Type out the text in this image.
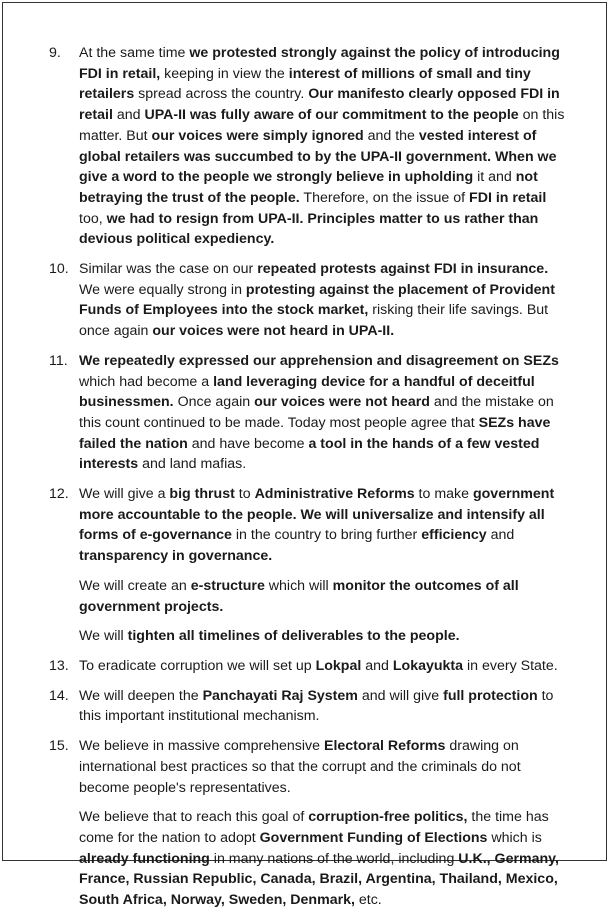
9.	At the same time we protested strongly against the policy of introducing FDI in retail, keeping in view the interest of millions of small and tiny retailers spread across the country. Our manifesto clearly opposed FDI in retail and UPA-II was fully aware of our commitment to the people on this matter. But our voices were simply ignored and the vested interest of global retailers was succumbed to by the UPA-II government. When we give a word to the people we strongly believe in upholding it and not betraying the trust of the people. Therefore, on the issue of FDI in retail too, we had to resign from UPA-II. Principles matter to us rather than devious political expediency.

10. Similar was the case on our repeated protests against FDI in insurance. We were equally strong in protesting against the placement of Provident Funds of Employees into the stock market, risking their life savings. But once again our voices were not heard in UPA-II.

11. We repeatedly expressed our apprehension and disagreement on SEZs which had become a land leveraging device for a handful of deceitful businessmen. Once again our voices were not heard and the mistake on this count continued to be made. Today most people agree that SEZs have failed the nation and have become a tool in the hands of a few vested interests and land mafias.

12. We will give a big thrust to Administrative Reforms to make government more accountable to the people. We will universalize and intensify all forms of e-governance in the country to bring further efficiency and transparency in governance.

We will create an e-structure which will monitor the outcomes of all government projects.

We will tighten all timelines of deliverables to the people.

13. To eradicate corruption we will set up Lokpal and Lokayukta in every State.

14. We will deepen the Panchayati Raj System and will give full protection to this important institutional mechanism.

15. We believe in massive comprehensive Electoral Reforms drawing on international best practices so that the corrupt and the criminals do not become people's representatives.

We believe that to reach this goal of corruption-free politics, the time has come for the nation to adopt Government Funding of Elections which is already functioning in many nations of the world, including U.K., Germany, France, Russian Republic, Canada, Brazil, Argentina, Thailand, Mexico, South Africa, Norway, Sweden, Denmark, etc.
